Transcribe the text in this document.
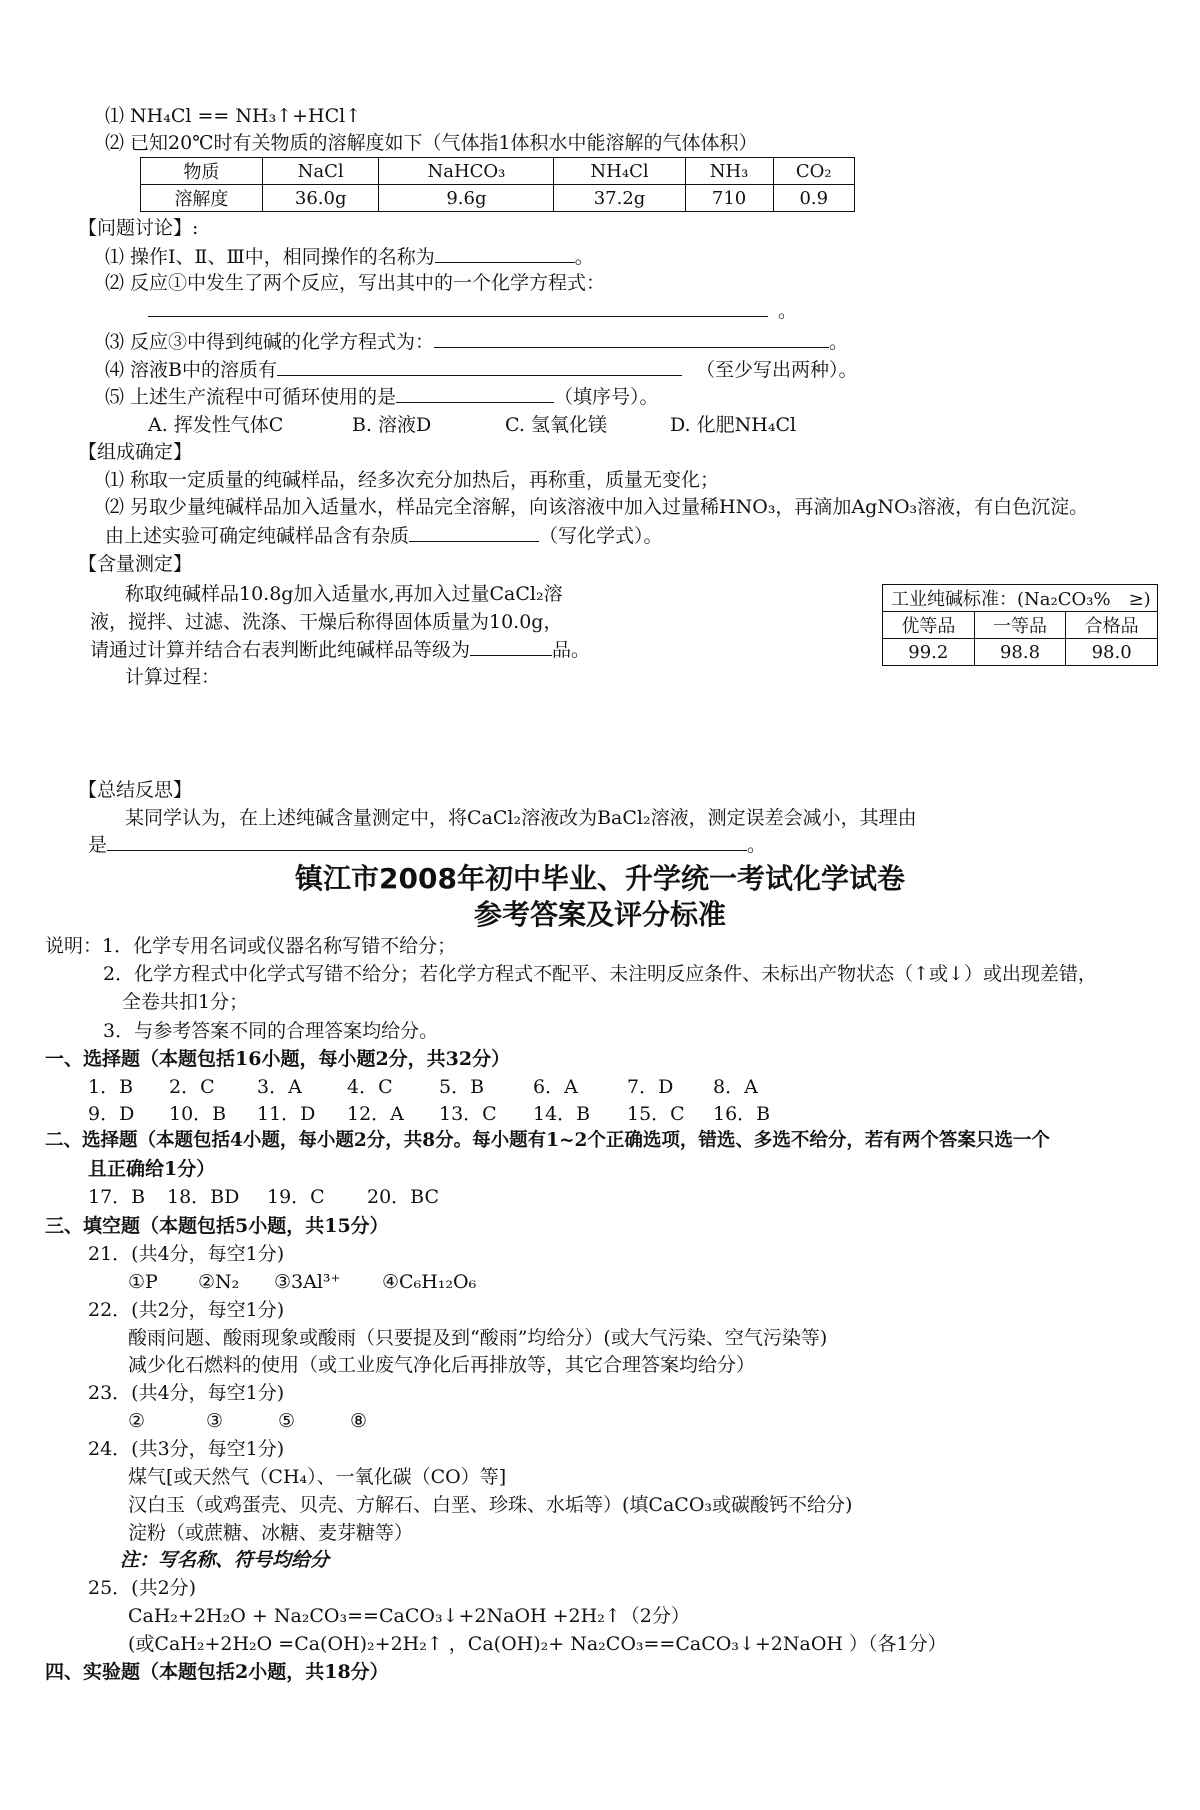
⑴ NH₄Cl == NH₃↑+HCl↑
⑵ 已知20℃时有关物质的溶解度如下（气体指1体积水中能溶解的气体体积）
物质	NaCl	NaHCO₃	NH₄Cl	NH₃	CO₂
溶解度	36.0g	9.6g	37.2g	710	0.9
【问题讨论】:
⑴ 操作Ⅰ、Ⅱ、Ⅲ中，相同操作的名称为	。
⑵ 反应①中发生了两个反应，写出其中的一个化学方程式：
。
⑶ 反应③中得到纯碱的化学方程式为：	。
⑷ 溶液B中的溶质有	（至少写出两种）。
⑸ 上述生产流程中可循环使用的是	（填序号）。
A. 挥发性气体C	B. 溶液D	C. 氢氧化镁	D. 化肥NH₄Cl
【组成确定】
⑴ 称取一定质量的纯碱样品，经多次充分加热后，再称重，质量无变化；
⑵ 另取少量纯碱样品加入适量水，样品完全溶解，向该溶液中加入过量稀HNO₃，再滴加AgNO₃溶液，有白色沉淀。
由上述实验可确定纯碱样品含有杂质	（写化学式）。
【含量测定】
称取纯碱样品10.8g加入适量水,再加入过量CaCl₂溶
液，搅拌、过滤、洗涤、干燥后称得固体质量为10.0g，
请通过计算并结合右表判断此纯碱样品等级为	品。
计算过程：
工业纯碱标准：(Na₂CO₃%　≥)		
优等品	一等品	合格品
99.2	98.8	98.0
【总结反思】
某同学认为，在上述纯碱含量测定中，将CaCl₂溶液改为BaCl₂溶液，测定误差会减小，其理由
是	。
镇江市2008年初中毕业、升学统一考试化学试卷
参考答案及评分标准
说明：1．化学专用名词或仪器名称写错不给分；
2．化学方程式中化学式写错不给分；若化学方程式不配平、未注明反应条件、未标出产物状态（↑或↓）或出现差错，
全卷共扣1分；
3．与参考答案不同的合理答案均给分。
一、选择题（本题包括16小题，每小题2分，共32分）
1．B 2．C 3．A 4．C 5．B	6．A	7．D 8．A
9．D 10．B 11．D 12．A 13．C 14．B 15．C 16．B
二、选择题（本题包括4小题，每小题2分，共8分。每小题有1~2个正确选项，错选、多选不给分，若有两个答案只选一个
且正确给1分）
17．B 18．BD 19．C 20．BC
三、填空题（本题包括5小题，共15分）
21．(共4分，每空1分)
①P ②N₂ ③3Al³⁺ ④C₆H₁₂O₆
22．(共2分，每空1分)
酸雨问题、酸雨现象或酸雨（只要提及到“酸雨”均给分）(或大气污染、空气污染等)
减少化石燃料的使用（或工业废气净化后再排放等，其它合理答案均给分）
23．(共4分，每空1分)
②	③	⑤	⑧
24．(共3分，每空1分)
煤气[或天然气（CH₄）、一氧化碳（CO）等]
汉白玉（或鸡蛋壳、贝壳、方解石、白垩、珍珠、水垢等）(填CaCO₃或碳酸钙不给分)
淀粉（或蔗糖、冰糖、麦芽糖等）
注：写名称、符号均给分
25．(共2分)
CaH₂+2H₂O + Na₂CO₃==CaCO₃↓+2NaOH +2H₂↑（2分）
(或CaH₂+2H₂O =Ca(OH)₂+2H₂↑ ，Ca(OH)₂+ Na₂CO₃==CaCO₃↓+2NaOH ）（各1分）
四、实验题（本题包括2小题，共18分）
